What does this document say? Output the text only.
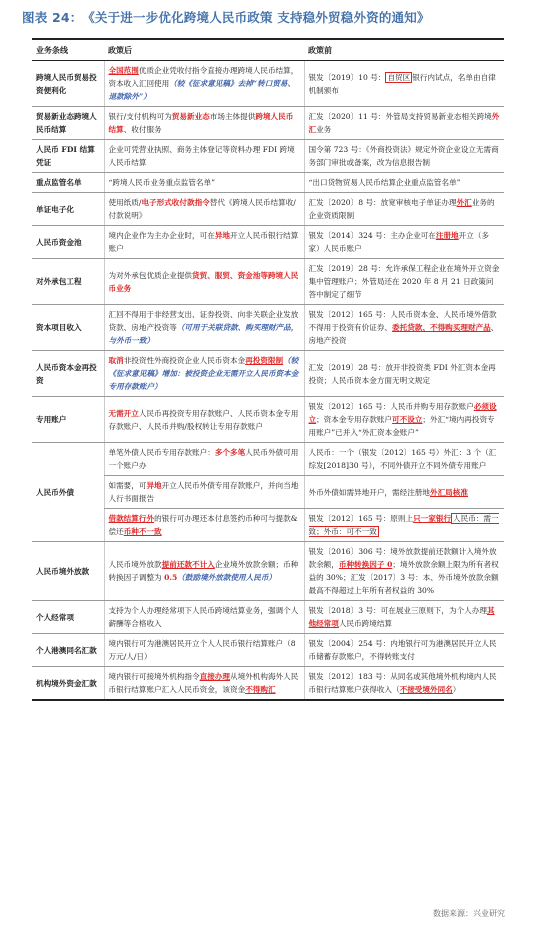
图表 24： 《关于进一步优化跨境人民币政策 支持稳外贸稳外资的通知》
业务条线	政策后	政策前
跨境人民币贸易投资便利化	全国范围优质企业凭收付指令直接办理跨境人民币结算，资本收入汇回使用（较《征求意见稿》去掉“转口贸易、退款除外”）	银发〔2019〕10 号： 自贸区 银行内试点，名单由自律机制颁布
贸易新业态跨境人民币结算	银行/支付机构可为贸易新业态市场主体提供跨境人民币结算、收付服务	汇发〔2020〕11 号：外管局支持贸易新业态相关跨境外汇业务
人民币 FDI 结算凭证	企业可凭营业执照、商务主体登记等资料办理 FDI 跨境人民币结算	国令第 723 号：《外商投资法》规定外资企业设立无需商务部门审批或备案，改为信息报告制
重点监管名单	“跨境人民币业务重点监管名单”	“出口货物贸易人民币结算企业重点监管名单”
单证电子化	使用纸质/电子形式收付款指令替代《跨境人民币结算收/付款说明》	汇发〔2020〕8 号：放宽审核电子单证办理外汇业务的企业资质限制
人民币资金池	境内企业作为主办企业时，可在异地开立人民币银行结算账户	银发〔2014〕324 号：主办企业可在注册地开立（多家）人民币账户
对外承包工程	为对外承包优质企业提供货贸、服贸、资金池等跨境人民币业务	汇发〔2019〕28 号：允许承保工程企业在境外开立资金集中管理账户；外管局还在 2020 年 8 月 21 日政策问答中制定了细节
资本项目收入	汇回不得用于非经营支出、证券投资、向非关联企业发放贷款、房地产投资等（可用于关联贷款、购买理财产品，与外币一致）	银发〔2012〕165 号：人民币资本金、人民币境外借款不得用于投资有价证券、委托贷款、不得购买理财产品、房地产投资
人民币资本金再投资	取消非投资性外商投资企业人民币资本金再投资限制（较《征求意见稿》增加：被投资企业无需开立人民币资本金专用存款账户）	汇发〔2019〕28 号：放开非投资类 FDI 外汇资本金再投资；人民币资本金方面无明文规定
专用账户	无需开立人民币再投资专用存款账户、人民币资本金专用存款账户、人民币并购/股权转让专用存款账户	银发〔2012〕165 号：人民币并购专用存款账户必须设立；资本金专用存款账户可不设立；外汇“境内再投资专用账户”已并入“外汇资本金账户”
人民币外债	单笔外债人民币专用存款账户：多个多笔人民币外债可用一个账户办	人民币：一个（银发〔2012〕165 号）外汇：3 个（汇综发[2018]30 号），不同外债开立不同外债专用账户
	如需要，可异地开立人民币外债专用存款账户，并向当地人行书面报告	外币外债如需异地开户，需经注册地外汇局核准
	借款结算行外的银行可办理还本付息签约币种可与提款&偿还币种不一致	银发〔2012〕165 号：原则上只一家银行 人民币：需一致；外币：可不一致
人民币境外放款	人民币境外放款提前还款不计入企业境外放款余额；币种转换因子调整为 0.5（鼓励境外放款使用人民币）	银发〔2016〕306 号：境外放款提前还款额计入境外放款余额，币种转换因子 0；境外放款余额上限为所有者权益的 30%；汇发〔2017〕3 号：本、外币境外放款余额最高不得超过上年所有者权益的 30%
个人经常项	支持为个人办理经常项下人民币跨境结算业务，强调个人薪酬等合格收入	银发〔2018〕3 号：可在展业三原则下，为个人办理其他经常项人民币跨境结算
个人港澳同名汇款	境内银行可为港澳居民开立个人人民币银行结算账户（8 万元/人/日）	银发〔2004〕254 号：内地银行可为港澳居民开立人民币储蓄存款账户，不得转账支付
机构境外资金汇款	境内银行可接境外机构指令直接办理从境外机构海外人民币银行结算账户汇入人民币资金，该资金不得购汇	银发〔2012〕183 号：从同名或其他境外机构境内人民币银行结算账户获得收入（不接受境外同名）
数据来源：兴业研究
